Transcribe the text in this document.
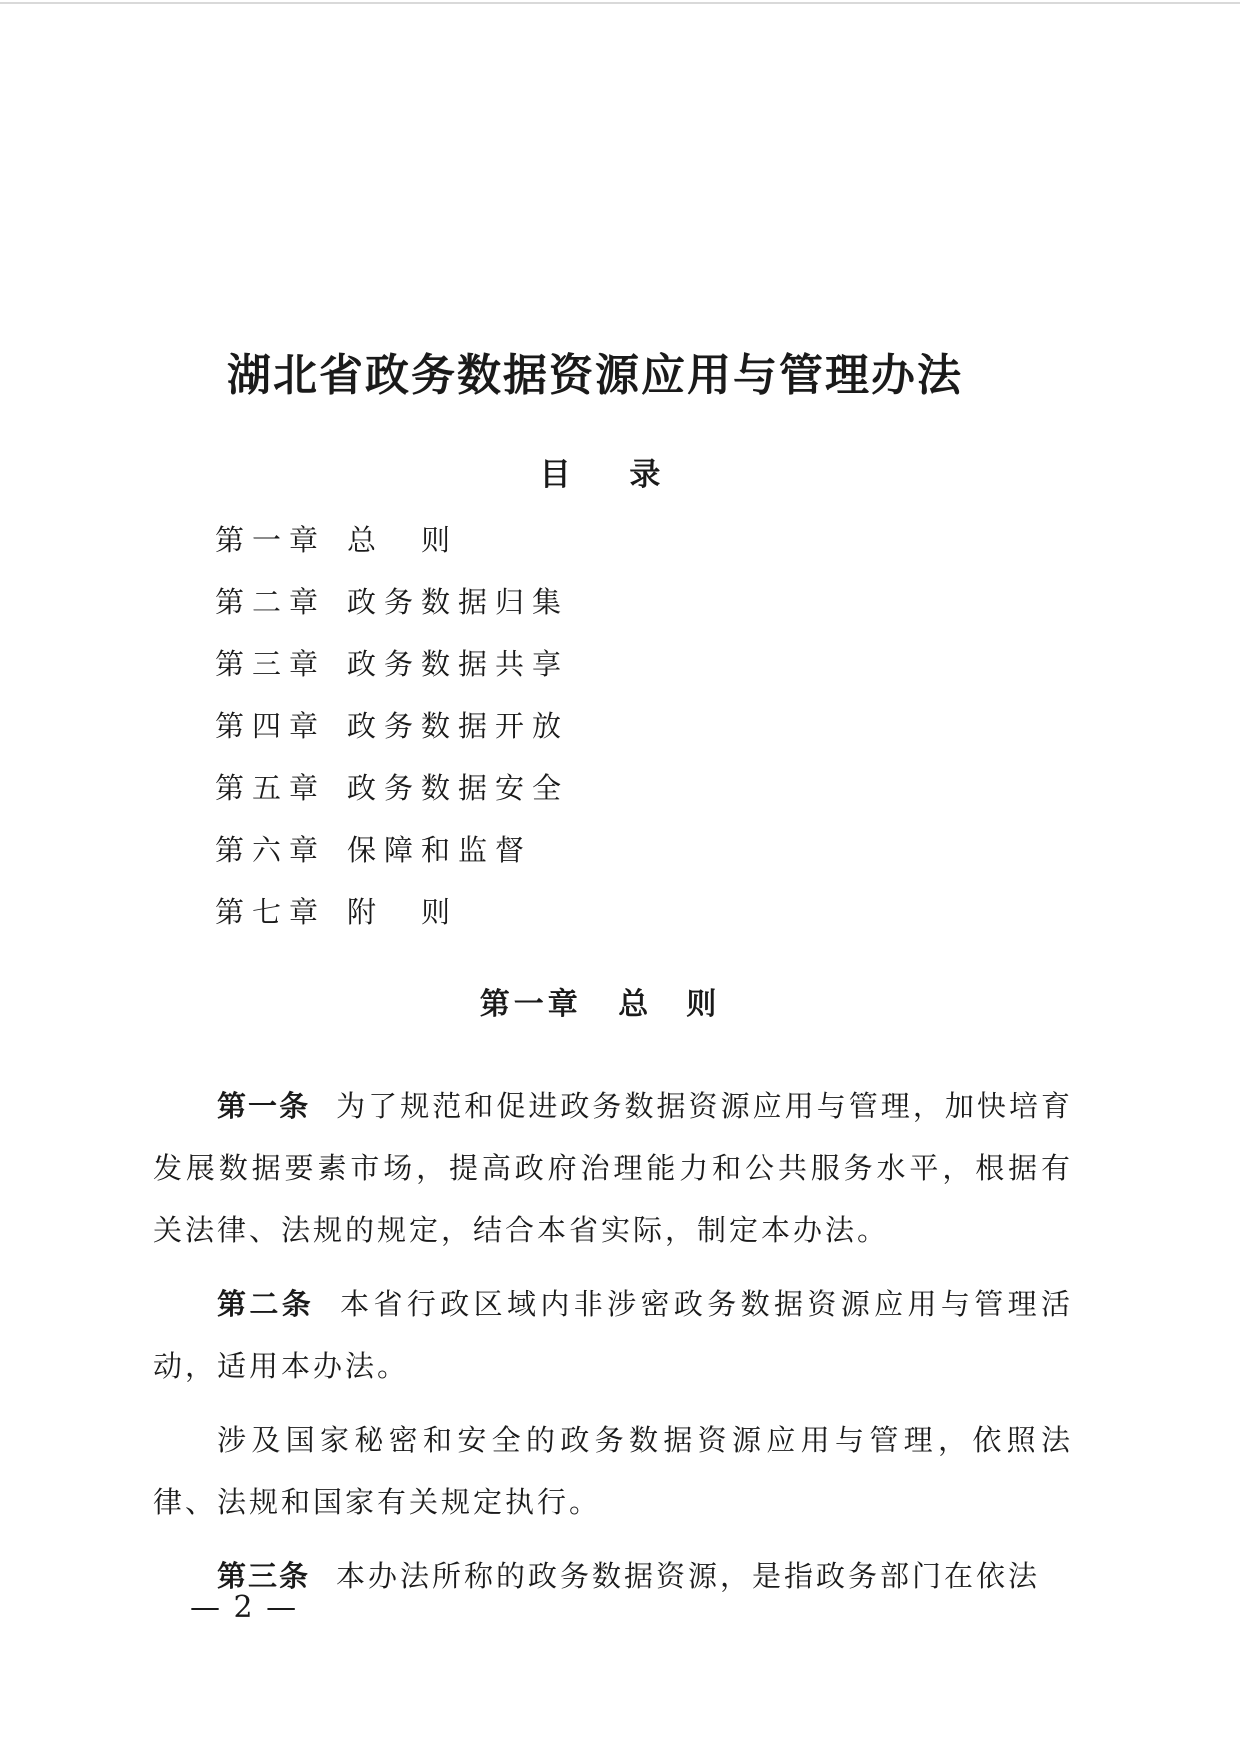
湖北省政务数据资源应用与管理办法
目 录
第一章 总　则
第二章 政务数据归集
第三章 政务数据共享
第四章 政务数据开放
第五章 政务数据安全
第六章 保障和监督
第七章 附　则
第一章 总　则

第一条 为了规范和促进政务数据资源应用与管理，加快培育发展数据要素市场，提高政府治理能力和公共服务水平，根据有关法律、法规的规定，结合本省实际，制定本办法。

第二条 本省行政区域内非涉密政务数据资源应用与管理活动，适用本办法。

涉及国家秘密和安全的政务数据资源应用与管理，依照法律、法规和国家有关规定执行。

第三条 本办法所称的政务数据资源，是指政务部门在依法

— 2 —
